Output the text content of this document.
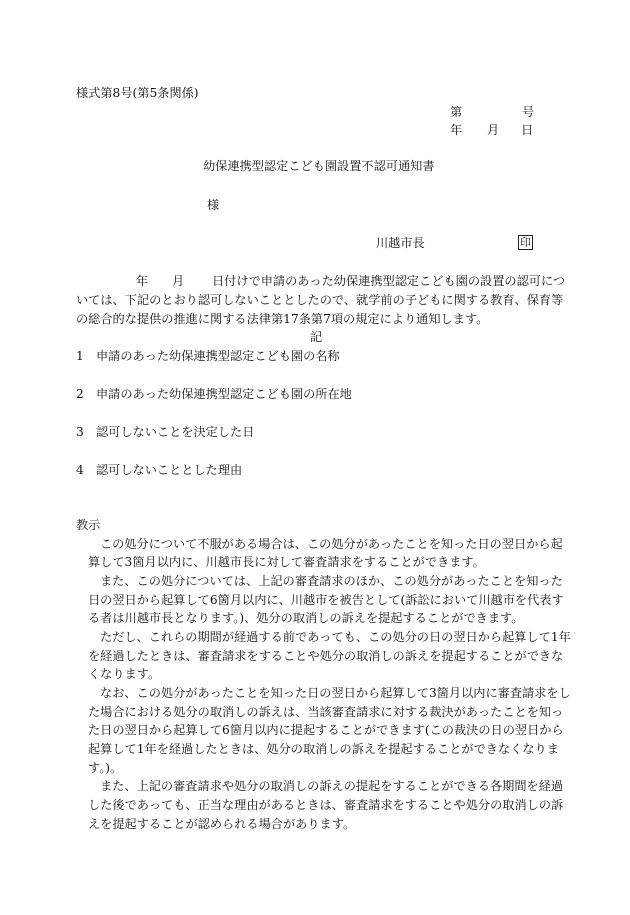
様式第8号(第5条関係)
第	号
年 月 日
幼保連携型認定こども園設置不認可通知書
様
川越市長	印
年 月 日付けで申請のあった幼保連携型認定こども園の設置の認可につ
いては、下記のとおり認可しないこととしたので、就学前の子どもに関する教育、保育等
の総合的な提供の推進に関する法律第17条第7項の規定により通知します。
記
1 申請のあった幼保連携型認定こども園の名称
2 申請のあった幼保連携型認定こども園の所在地
3 認可しないことを決定した日
4 認可しないこととした理由
教示
この処分について不服がある場合は、この処分があったことを知った日の翌日から起
算して3箇月以内に、川越市長に対して審査請求をすることができます。
また、この処分については、上記の審査請求のほか、この処分があったことを知った
日の翌日から起算して6箇月以内に、川越市を被告として(訴訟において川越市を代表す
る者は川越市長となります。)、処分の取消しの訴えを提起することができます。
ただし、これらの期間が経過する前であっても、この処分の日の翌日から起算して1年
を経過したときは、審査請求をすることや処分の取消しの訴えを提起することができな
くなります。
なお、この処分があったことを知った日の翌日から起算して3箇月以内に審査請求をし
た場合における処分の取消しの訴えは、当該審査請求に対する裁決があったことを知っ
た日の翌日から起算して6箇月以内に提起することができます(この裁決の日の翌日から
起算して1年を経過したときは、処分の取消しの訴えを提起することができなくなりま
す。)。
また、上記の審査請求や処分の取消しの訴えの提起をすることができる各期間を経過
した後であっても、正当な理由があるときは、審査請求をすることや処分の取消しの訴
えを提起することが認められる場合があります。
